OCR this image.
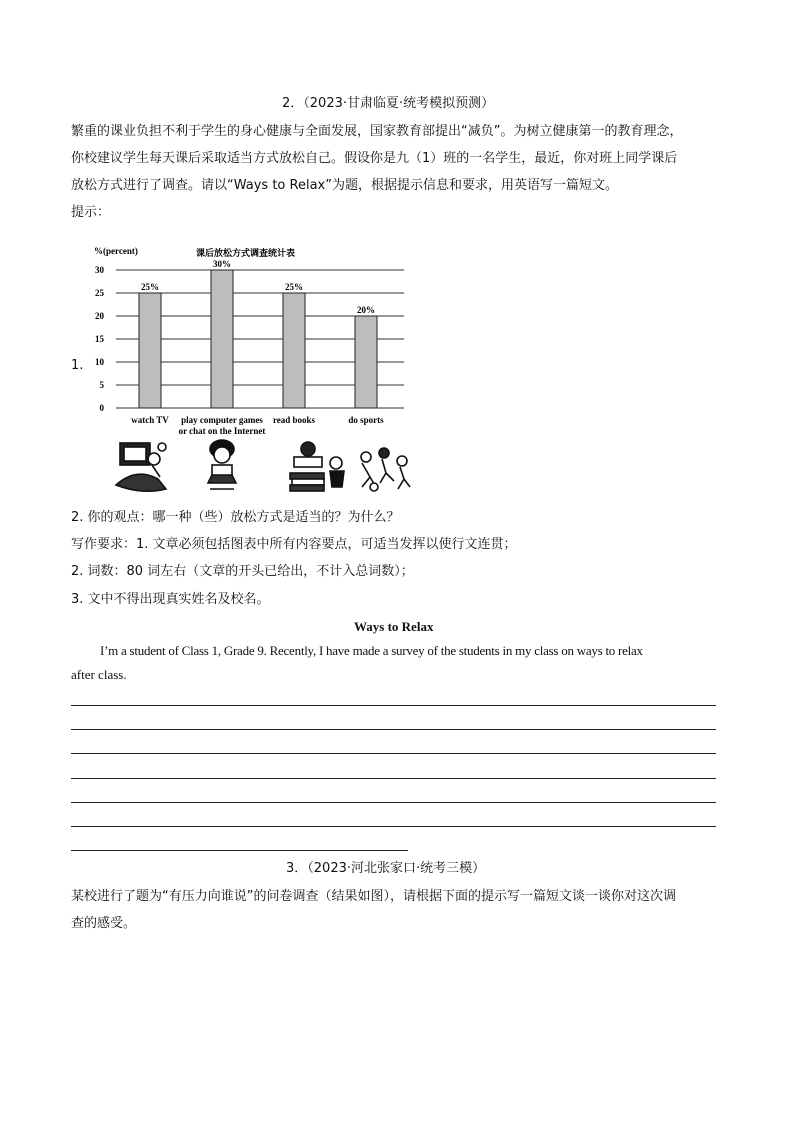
2．（2023·甘肃临夏·统考模拟预测）
繁重的课业负担不利于学生的身心健康与全面发展，国家教育部提出“减负”。为树立健康第一的教育理念，
你校建议学生每天课后采取适当方式放松自己。假设你是九（1）班的一名学生，最近，你对班上同学课后
放松方式进行了调查。请以“Ways to Relax”为题，根据提示信息和要求，用英语写一篇短文。
提示：
1.
%(percent)	课后放松方式调查统计表
0
5
10
15
20
25
30
25%
watch TV
30%
play computer games
or chat on the Internet
25%
read books
20%
do sports
2. 你的观点：哪一种（些）放松方式是适当的？为什么？
写作要求：1. 文章必须包括图表中所有内容要点，可适当发挥以使行文连贯；
2. 词数：80 词左右（文章的开头已给出，不计入总词数）；
3. 文中不得出现真实姓名及校名。
Ways to Relax
I’m a student of Class 1, Grade 9. Recently, I have made a survey of the students in my class on ways to relax
after class.
3．（2023·河北张家口·统考三模）
某校进行了题为“有压力向谁说”的问卷调查（结果如图），请根据下面的提示写一篇短文谈一谈你对这次调
查的感受。
